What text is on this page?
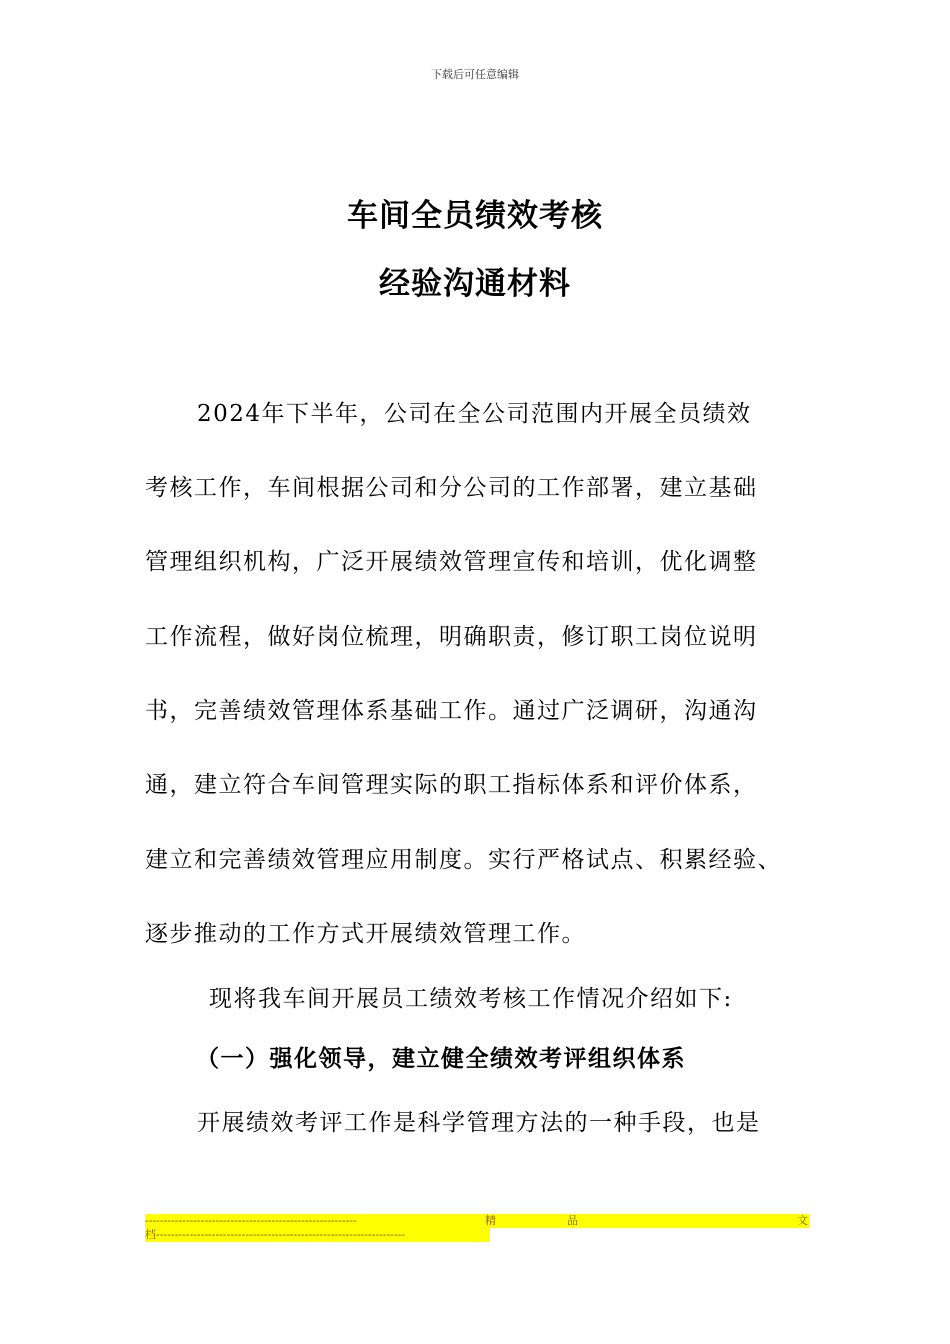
下载后可任意编辑
车间全员绩效考核
经验沟通材料
2024年下半年，公司在全公司范围内开展全员绩效
考核工作，车间根据公司和分公司的工作部署，建立基础
管理组织机构，广泛开展绩效管理宣传和培训，优化调整
工作流程，做好岗位梳理，明确职责，修订职工岗位说明
书，完善绩效管理体系基础工作。通过广泛调研，沟通沟
通，建立符合车间管理实际的职工指标体系和评价体系，
建立和完善绩效管理应用制度。实行严格试点、积累经验、
逐步推动的工作方式开展绩效管理工作。
现将我车间开展员工绩效考核工作情况介绍如下:
（一）强化领导，建立健全绩效考评组织体系
开展绩效考评工作是科学管理方法的一种手段，也是
---------------------------------------------------------	精	品	文
档-------------------------------------------------------------------
